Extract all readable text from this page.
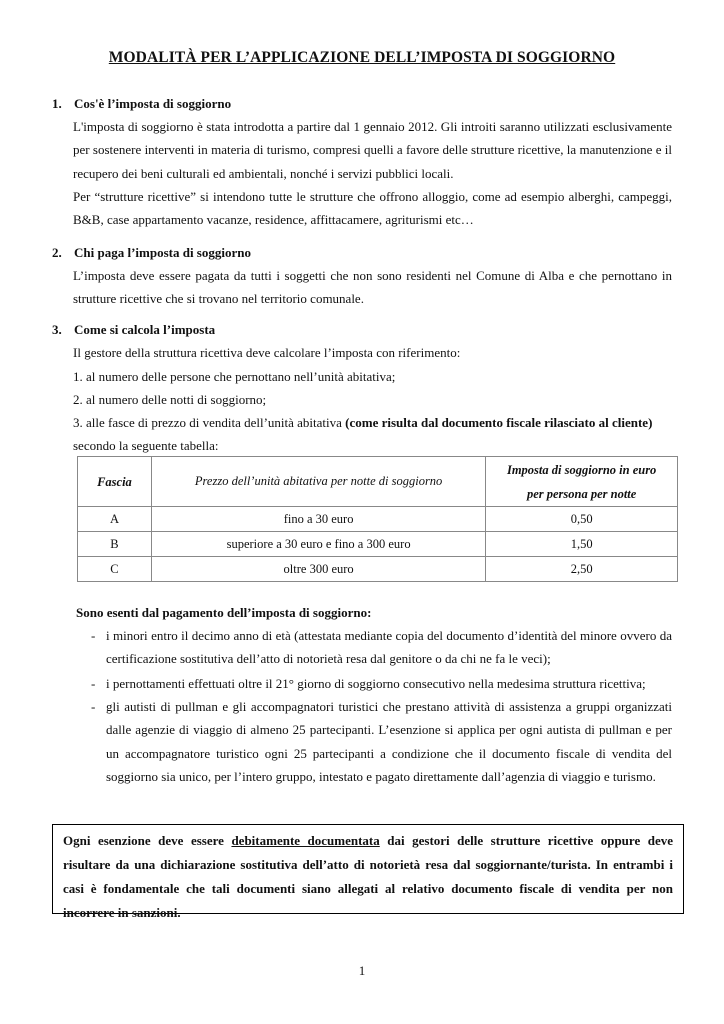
MODALITÀ PER L’APPLICAZIONE DELL’IMPOSTA DI SOGGIORNO
1. Cos'è l’imposta di soggiorno
L'imposta di soggiorno è stata introdotta a partire dal 1 gennaio 2012. Gli introiti saranno utilizzati esclusivamente per sostenere interventi in materia di turismo, compresi quelli a favore delle strutture ricettive, la manutenzione e il recupero dei beni culturali ed ambientali, nonché i servizi pubblici locali.
Per “strutture ricettive” si intendono tutte le strutture che offrono alloggio, come ad esempio alberghi, campeggi, B&B, case appartamento vacanze, residence, affittacamere, agriturismi etc…
2. Chi paga l’imposta di soggiorno
L’imposta deve essere pagata da tutti i soggetti che non sono residenti nel Comune di Alba e che pernottano in strutture ricettive che si trovano nel territorio comunale.
3. Come si calcola l’imposta
Il gestore della struttura ricettiva deve calcolare l’imposta con riferimento:
1. al numero delle persone che pernottano nell’unità abitativa;
2. al numero delle notti di soggiorno;
3. alle fasce di prezzo di vendita dell’unità abitativa (come risulta dal documento fiscale rilasciato al cliente)
secondo la seguente tabella:
Fascia	Prezzo dell’unità abitativa per notte di soggiorno	Imposta di soggiorno in euro
per persona per notte

A	fino a 30 euro	0,50
B	superiore a 30 euro e fino a 300 euro	1,50
C	oltre 300 euro	2,50
Sono esenti dal pagamento dell’imposta di soggiorno:
- i minori entro il decimo anno di età (attestata mediante copia del documento d’identità del minore ovvero da certificazione sostitutiva dell’atto di notorietà resa dal genitore o da chi ne fa le veci);
- i pernottamenti effettuati oltre il 21° giorno di soggiorno consecutivo nella medesima struttura ricettiva;
- gli autisti di pullman e gli accompagnatori turistici che prestano attività di assistenza a gruppi organizzati dalle agenzie di viaggio di almeno 25 partecipanti. L’esenzione si applica per ogni autista di pullman e per un accompagnatore turistico ogni 25 partecipanti a condizione che il documento fiscale di vendita del soggiorno sia unico, per l’intero gruppo, intestato e pagato direttamente dall’agenzia di viaggio e turismo.

Ogni esenzione deve essere debitamente documentata dai gestori delle strutture ricettive oppure deve

risultare da una dichiarazione sostitutiva dell’atto di notorietà resa dal soggiornante/turista. In entrambi i

casi è fondamentale che tali documenti siano allegati al relativo documento fiscale di vendita per non

incorrere in sanzioni.

1
